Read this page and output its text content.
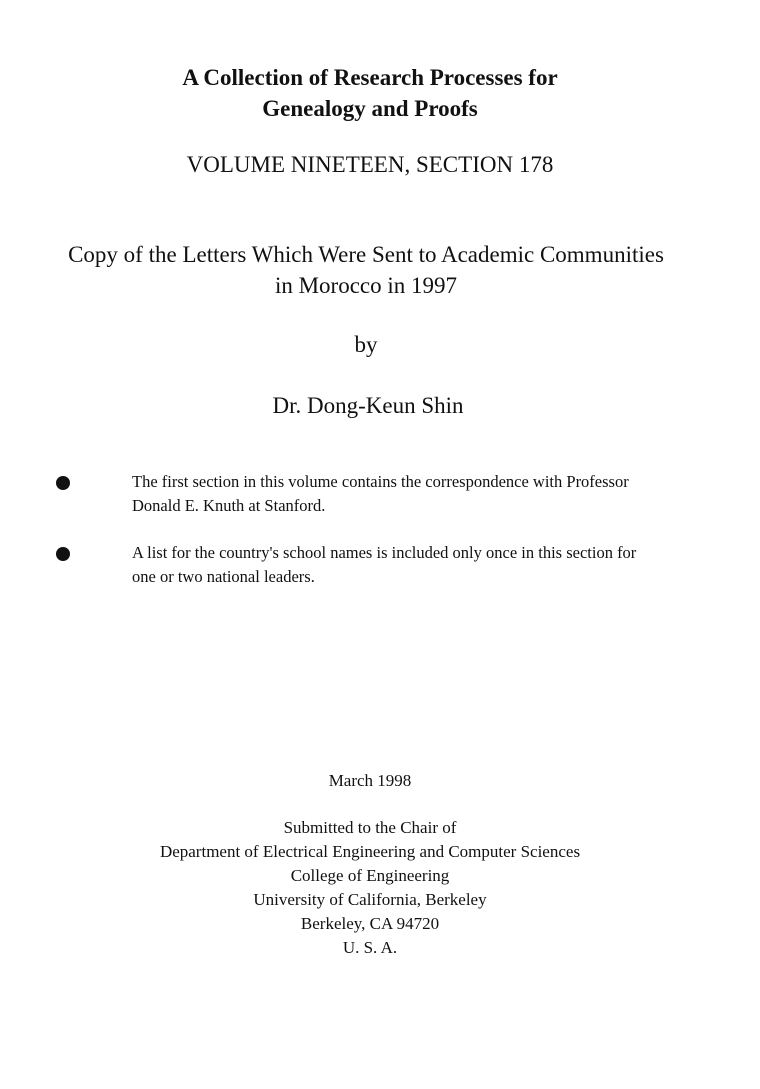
A Collection of Research Processes for
Genealogy and Proofs
VOLUME NINETEEN, SECTION 178
Copy of the Letters Which Were Sent to Academic Communities
in Morocco in 1997
by
Dr. Dong-Keun Shin
The first section in this volume contains the correspondence with Professor
Donald E. Knuth at Stanford.
A list for the country's school names is included only once in this section for
one or two national leaders.
March 1998
Submitted to the Chair of
Department of Electrical Engineering and Computer Sciences
College of Engineering
University of California, Berkeley
Berkeley, CA 94720
U. S. A.
